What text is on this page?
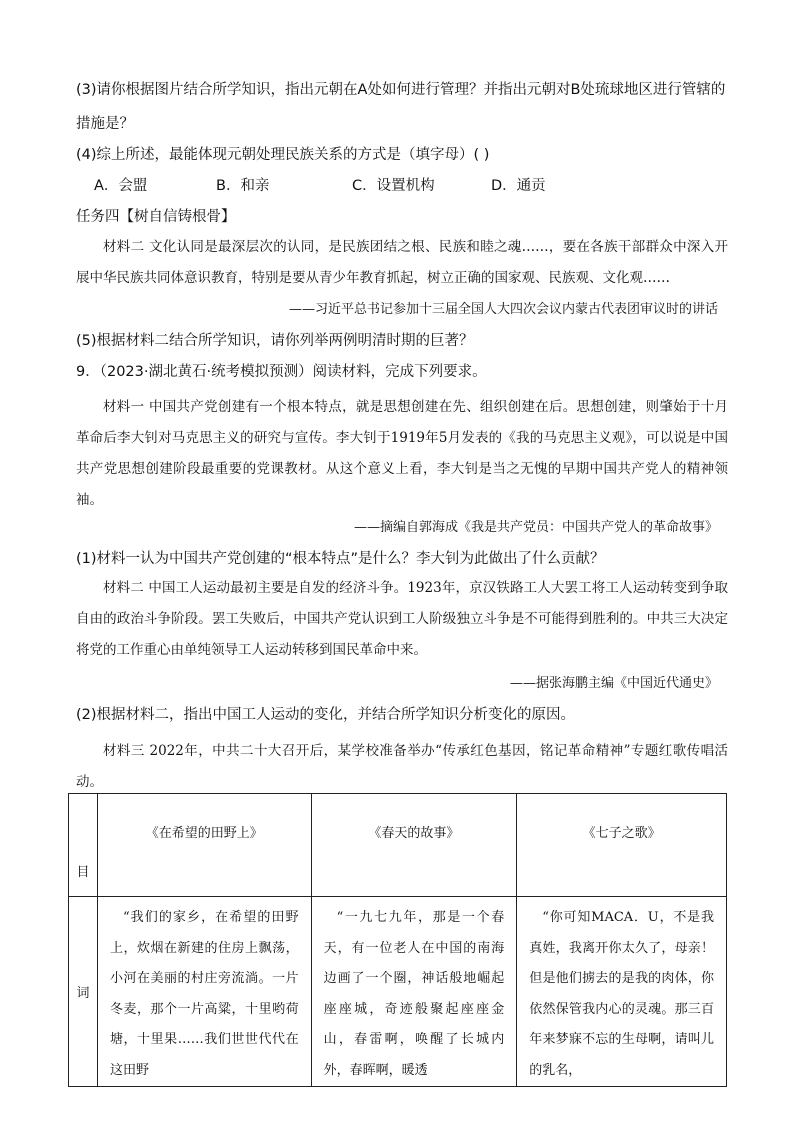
(3)请你根据图片结合所学知识，指出元朝在A处如何进行管理？并指出元朝对B处琉球地区进行管辖的
措施是？
(4)综上所述，最能体现元朝处理民族关系的方式是（填字母）( )
A．会盟	B．和亲	C．设置机构	D．通贡
任务四【树自信铸根骨】
材料二 文化认同是最深层次的认同，是民族团结之根、民族和睦之魂……，要在各族干部群众中深入开展中华民族共同体意识教育，特别是要从青少年教育抓起，树立正确的国家观、民族观、文化观……
——习近平总书记参加十三届全国人大四次会议内蒙古代表团审议时的讲话
(5)根据材料二结合所学知识，请你列举两例明清时期的巨著？
9．（2023·湖北黄石·统考模拟预测）阅读材料，完成下列要求。
材料一 中国共产党创建有一个根本特点，就是思想创建在先、组织创建在后。思想创建，则肇始于十月革命后李大钊对马克思主义的研究与宣传。李大钊于1919年5月发表的《我的马克思主义观》，可以说是中国共产党思想创建阶段最重要的党课教材。从这个意义上看，李大钊是当之无愧的早期中国共产党人的精神领袖。
——摘编自郭海成《我是共产党员：中国共产党人的革命故事》
(1)材料一认为中国共产党创建的“根本特点”是什么？李大钊为此做出了什么贡献？
材料二 中国工人运动最初主要是自发的经济斗争。1923年，京汉铁路工人大罢工将工人运动转变到争取自由的政治斗争阶段。罢工失败后，中国共产党认识到工人阶级独立斗争是不可能得到胜利的。中共三大决定将党的工作重心由单纯领导工人运动转移到国民革命中来。
——据张海鹏主编《中国近代通史》
(2)根据材料二，指出中国工人运动的变化，并结合所学知识分析变化的原因。
材料三 2022年，中共二十大召开后，某学校准备举办“传承红色基因，铭记革命精神”专题红歌传唱活动。
目	《在希望的田野上》	《春天的故事》	《七子之歌》
词	“我们的家乡，在希望的田野上，炊烟在新建的住房上飘荡，小河在美丽的村庄旁流淌。一片冬麦，那个一片高粱，十里哟荷塘，十里果……我们世世代代在这田野	“一九七九年，那是一个春天，有一位老人在中国的南海边画了一个圈，神话般地崛起座座城，奇迹般聚起座座金山，春雷啊，唤醒了长城内外，春晖啊，暖透	“你可知MACA．U，不是我真姓，我离开你太久了，母亲！但是他们掳去的是我的肉体，你依然保管我内心的灵魂。那三百年来梦寐不忘的生母啊，请叫儿的乳名，
